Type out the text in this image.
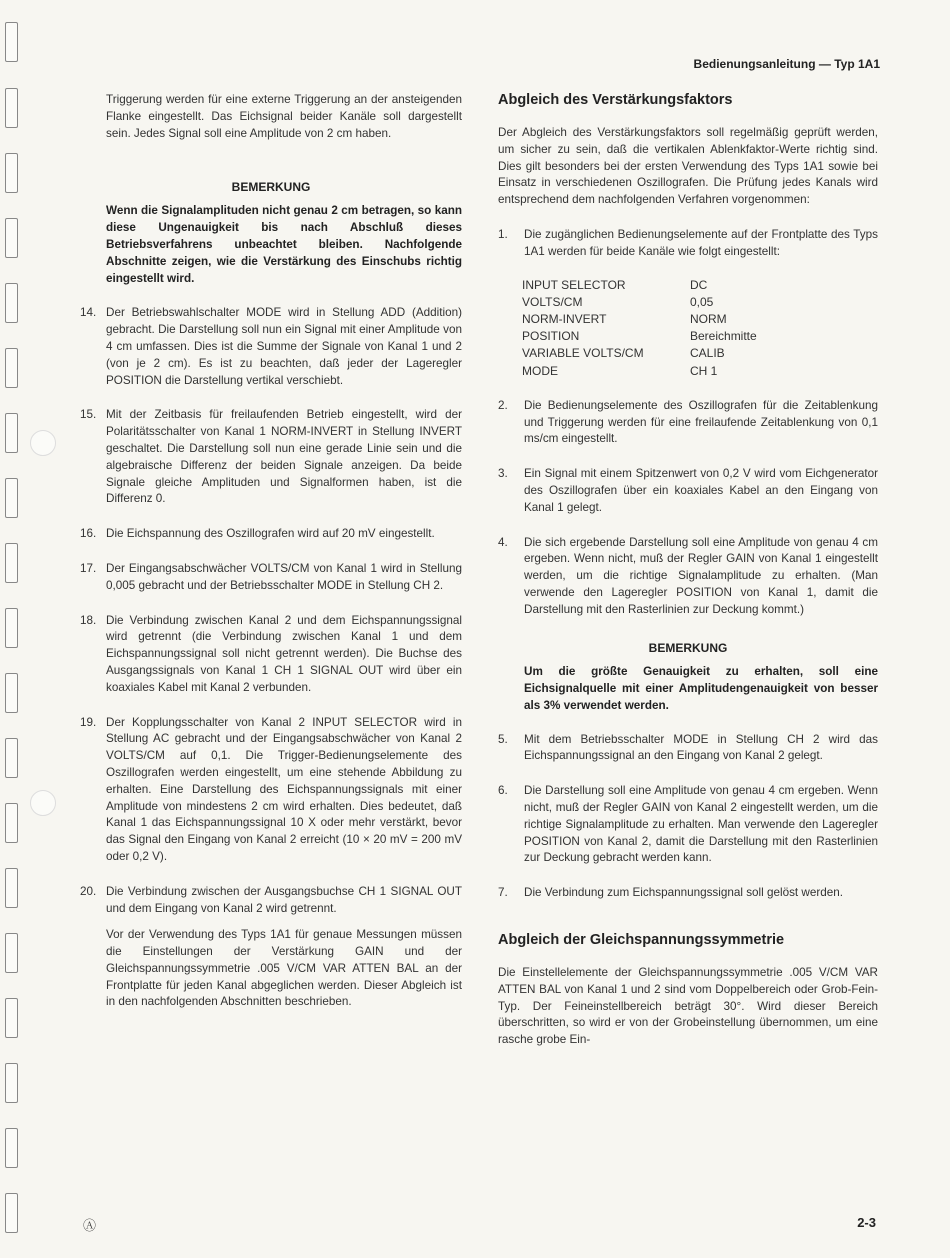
Bedienungsanleitung — Typ 1A1

Triggerung werden für eine externe Triggerung an der ansteigenden Flanke eingestellt. Das Eichsignal beider Kanäle soll dargestellt sein. Jedes Signal soll eine Amplitude von 2 cm haben.

BEMERKUNG

Wenn die Signalamplituden nicht genau 2 cm betragen, so kann diese Ungenauigkeit bis nach Abschluß dieses Betriebsverfahrens unbeachtet bleiben. Nachfolgende Abschnitte zeigen, wie die Verstärkung des Einschubs richtig eingestellt wird.

14. Der Betriebswahlschalter MODE wird in Stellung ADD (Addition) gebracht. Die Darstellung soll nun ein Signal mit einer Amplitude von 4 cm umfassen. Dies ist die Summe der Signale von Kanal 1 und 2 (von je 2 cm). Es ist zu beachten, daß jeder der Lageregler POSITION die Darstellung vertikal verschiebt.

15. Mit der Zeitbasis für freilaufenden Betrieb eingestellt, wird der Polaritätsschalter von Kanal 1 NORM-INVERT in Stellung INVERT geschaltet. Die Darstellung soll nun eine gerade Linie sein und die algebraische Differenz der beiden Signale anzeigen. Da beide Signale gleiche Amplituden und Signalformen haben, ist die Differenz 0.

16. Die Eichspannung des Oszillografen wird auf 20 mV eingestellt.

17. Der Eingangsabschwächer VOLTS/CM von Kanal 1 wird in Stellung 0,005 gebracht und der Betriebsschalter MODE in Stellung CH 2.

18. Die Verbindung zwischen Kanal 2 und dem Eichspannungssignal wird getrennt (die Verbindung zwischen Kanal 1 und dem Eichspannungssignal soll nicht getrennt werden). Die Buchse des Ausgangssignals von Kanal 1 CH 1 SIGNAL OUT wird über ein koaxiales Kabel mit Kanal 2 verbunden.

19. Der Kopplungsschalter von Kanal 2 INPUT SELECTOR wird in Stellung AC gebracht und der Eingangsabschwächer von Kanal 2 VOLTS/CM auf 0,1. Die Trigger-Bedienungselemente des Oszillografen werden eingestellt, um eine stehende Abbildung zu erhalten. Eine Darstellung des Eichspannungssignals mit einer Amplitude von mindestens 2 cm wird erhalten. Dies bedeutet, daß Kanal 1 das Eichspannungssignal 10 X oder mehr verstärkt, bevor das Signal den Eingang von Kanal 2 erreicht (10 × 20 mV = 200 mV oder 0,2 V).

20. Die Verbindung zwischen der Ausgangsbuchse CH 1 SIGNAL OUT und dem Eingang von Kanal 2 wird getrennt.

Vor der Verwendung des Typs 1A1 für genaue Messungen müssen die Einstellungen der Verstärkung GAIN und der Gleichspannungssymmetrie .005 V/CM VAR ATTEN BAL an der Frontplatte für jeden Kanal abgeglichen werden. Dieser Abgleich ist in den nachfolgenden Abschnitten beschrieben.

Abgleich des Verstärkungsfaktors

Der Abgleich des Verstärkungsfaktors soll regelmäßig geprüft werden, um sicher zu sein, daß die vertikalen Ablenkfaktor-Werte richtig sind. Dies gilt besonders bei der ersten Verwendung des Typs 1A1 sowie bei Einsatz in verschiedenen Oszillografen. Die Prüfung jedes Kanals wird entsprechend dem nachfolgenden Verfahren vorgenommen:

1. Die zugänglichen Bedienungselemente auf der Frontplatte des Typs 1A1 werden für beide Kanäle wie folgt eingestellt:

INPUT SELECTOR	DC
VOLTS/CM	0,05
NORM-INVERT	NORM
POSITION	Bereichmitte
VARIABLE VOLTS/CM	CALIB
MODE	CH 1
2. Die Bedienungselemente des Oszillografen für die Zeitablenkung und Triggerung werden für eine freilaufende Zeitablenkung von 0,1 ms/cm eingestellt.

3. Ein Signal mit einem Spitzenwert von 0,2 V wird vom Eichgenerator des Oszillografen über ein koaxiales Kabel an den Eingang von Kanal 1 gelegt.

4. Die sich ergebende Darstellung soll eine Amplitude von genau 4 cm ergeben. Wenn nicht, muß der Regler GAIN von Kanal 1 eingestellt werden, um die richtige Signalamplitude zu erhalten. (Man verwende den Lageregler POSITION von Kanal 1, damit die Darstellung mit den Rasterlinien zur Deckung kommt.)

BEMERKUNG

Um die größte Genauigkeit zu erhalten, soll eine Eichsignalquelle mit einer Amplitudengenauigkeit von besser als 3% verwendet werden.

5. Mit dem Betriebsschalter MODE in Stellung CH 2 wird das Eichspannungssignal an den Eingang von Kanal 2 gelegt.

6. Die Darstellung soll eine Amplitude von genau 4 cm ergeben. Wenn nicht, muß der Regler GAIN von Kanal 2 eingestellt werden, um die richtige Signalamplitude zu erhalten. Man verwende den Lageregler POSITION von Kanal 2, damit die Darstellung mit den Rasterlinien zur Deckung gebracht werden kann.

7. Die Verbindung zum Eichspannungssignal soll gelöst werden.

Abgleich der Gleichspannungssymmetrie

Die Einstellelemente der Gleichspannungssymmetrie .005 V/CM VAR ATTEN BAL von Kanal 1 und 2 sind vom Doppelbereich oder Grob-Fein-Typ. Der Feineinstellbereich beträgt 30°. Wird dieser Bereich überschritten, so wird er von der Grobeinstellung übernommen, um eine rasche grobe Ein-

Ⓐ	2-3
